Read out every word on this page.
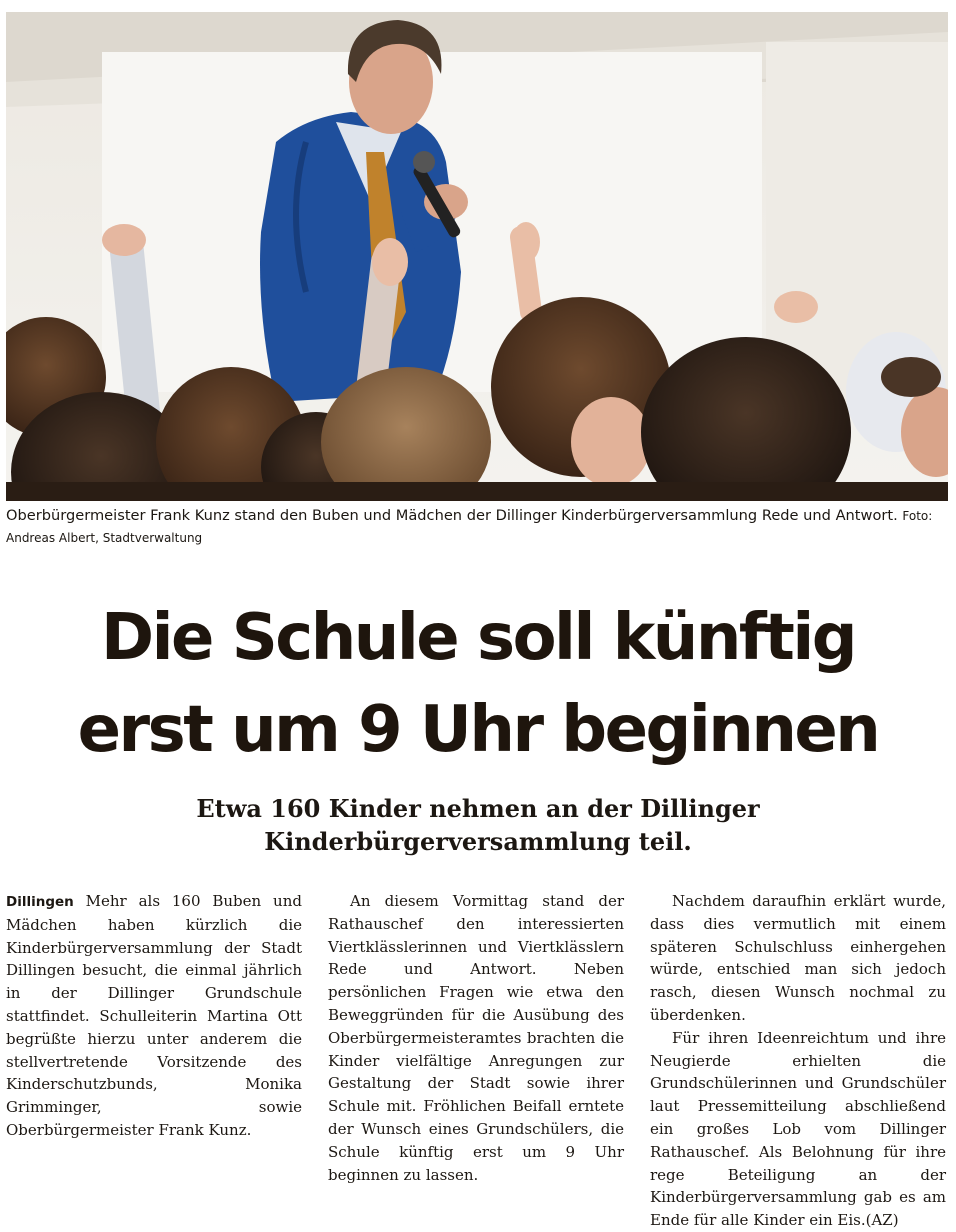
Oberbürgermeister Frank Kunz stand den Buben und Mädchen der Dillinger Kinderbürgerversammlung Rede und Antwort. Foto: Andreas Albert, Stadtverwaltung
Die Schule soll künftig
erst um 9 Uhr beginnen
Etwa 160 Kinder nehmen an der Dillinger
Kinderbürgerversammlung teil.

Dillingen Mehr als 160 Buben und Mädchen haben kürzlich die Kinderbürgerversammlung der Stadt Dillingen besucht, die einmal jährlich in der Dillinger Grundschule stattfindet. Schulleiterin Martina Ott begrüßte hierzu unter anderem die stellvertretende Vorsitzende des Kinderschutzbunds, Monika Grimminger, sowie Oberbürgermeister Frank Kunz.

An diesem Vormittag stand der Rathauschef den interessierten Viertklässlerinnen und Viertklässlern Rede und Antwort. Neben persönlichen Fragen wie etwa den Beweggründen für die Ausübung des Oberbürgermeisteramtes brachten die Kinder vielfältige Anregungen zur Gestaltung der Stadt sowie ihrer Schule mit. Fröhlichen Beifall erntete der Wunsch eines Grundschülers, die Schule künftig erst um 9 Uhr beginnen zu lassen.

Nachdem daraufhin erklärt wurde, dass dies vermutlich mit einem späteren Schulschluss einhergehen würde, entschied man sich jedoch rasch, diesen Wunsch nochmal zu überdenken.

Für ihren Ideenreichtum und ihre Neugierde erhielten die Grundschülerinnen und Grundschüler laut Pressemitteilung abschließend ein großes Lob vom Dillinger Rathauschef. Als Belohnung für ihre rege Beteiligung an der Kinderbürgerversammlung gab es am Ende für alle Kinder ein Eis.(AZ)
